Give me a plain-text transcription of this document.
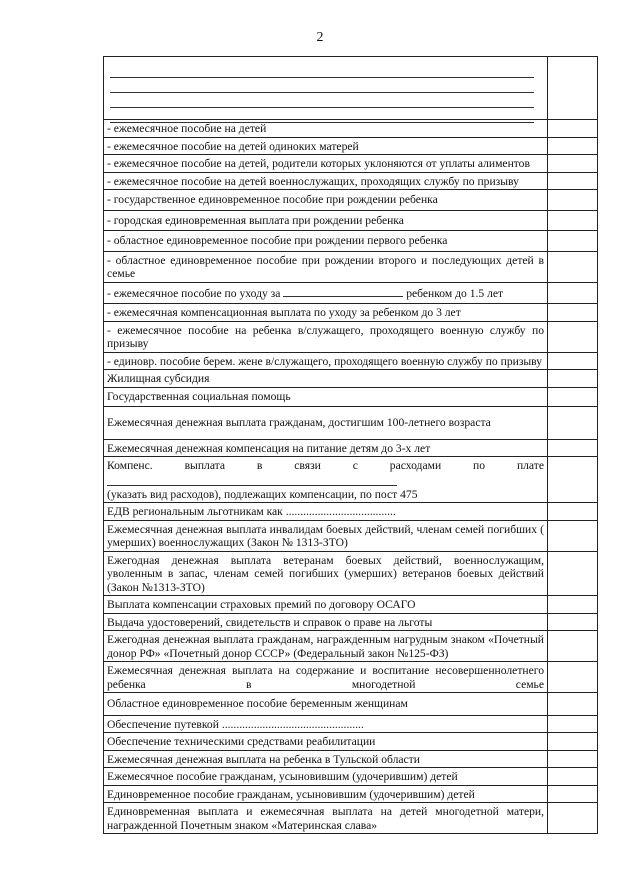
2
- ежемесячное пособие на детей
- ежемесячное пособие на детей одиноких матерей
- ежемесячное пособие на детей, родители которых уклоняются от уплаты алиментов
- ежемесячное пособие на детей военнослужащих, проходящих службу по призыву
- государственное единовременное пособие при рождении ребенка
- городская единовременная выплата при рождении ребенка
- областное единовременное пособие при рождении первого ребенка
- областное единовременное пособие при рождении второго и последующих детей в семье
- ежемесячное пособие по уходу за	ребенком до 1.5 лет
- ежемесячная компенсационная выплата по уходу за ребенком до 3 лет
- ежемесячное пособие на ребенка в/служащего, проходящего военную службу по призыву
- единовр. пособие берем. жене в/служащего, проходящего военную службу по призыву
Жилищная субсидия
Государственная социальная помощь
Ежемесячная денежная выплата гражданам, достигшим 100-летнего возраста
Ежемесячная денежная компенсация на питание детям до 3-х лет
Компенс. выплата в связи с расходами по плате
(указать вид расходов), подлежащих компенсации, по пост 475
ЕДВ региональным льготникам как ......................................
Ежемесячная денежная выплата инвалидам боевых действий, членам семей погибших ( умерших) военнослужащих (Закон № 1313-ЗТО)
Ежегодная денежная выплата ветеранам боевых действий, военнослужащим, уволенным в запас, членам семей погибших (умерших) ветеранов боевых действий (Закон №1313-ЗТО)
Выплата компенсации страховых премий по договору ОСАГО
Выдача удостоверений, свидетельств и справок о праве на льготы
Ежегодная денежная выплата гражданам, награжденным нагрудным знаком «Почетный донор РФ» «Почетный донор СССР» (Федеральный закон №125-ФЗ)
Ежемесячная денежная выплата на содержание и воспитание несовершеннолетнего ребенка в многодетной семье
Областное единовременное пособие беременным женщинам
Обеспечение путевкой .................................................
Обеспечение техническими средствами реабилитации
Ежемесячная денежная выплата на ребенка в Тульской области
Ежемесячное пособие гражданам, усыновившим (удочерившим) детей
Единовременное пособие гражданам, усыновившим (удочерившим) детей
Единовременная выплата и ежемесячная выплата на детей многодетной матери, награжденной Почетным знаком «Материнская слава»
